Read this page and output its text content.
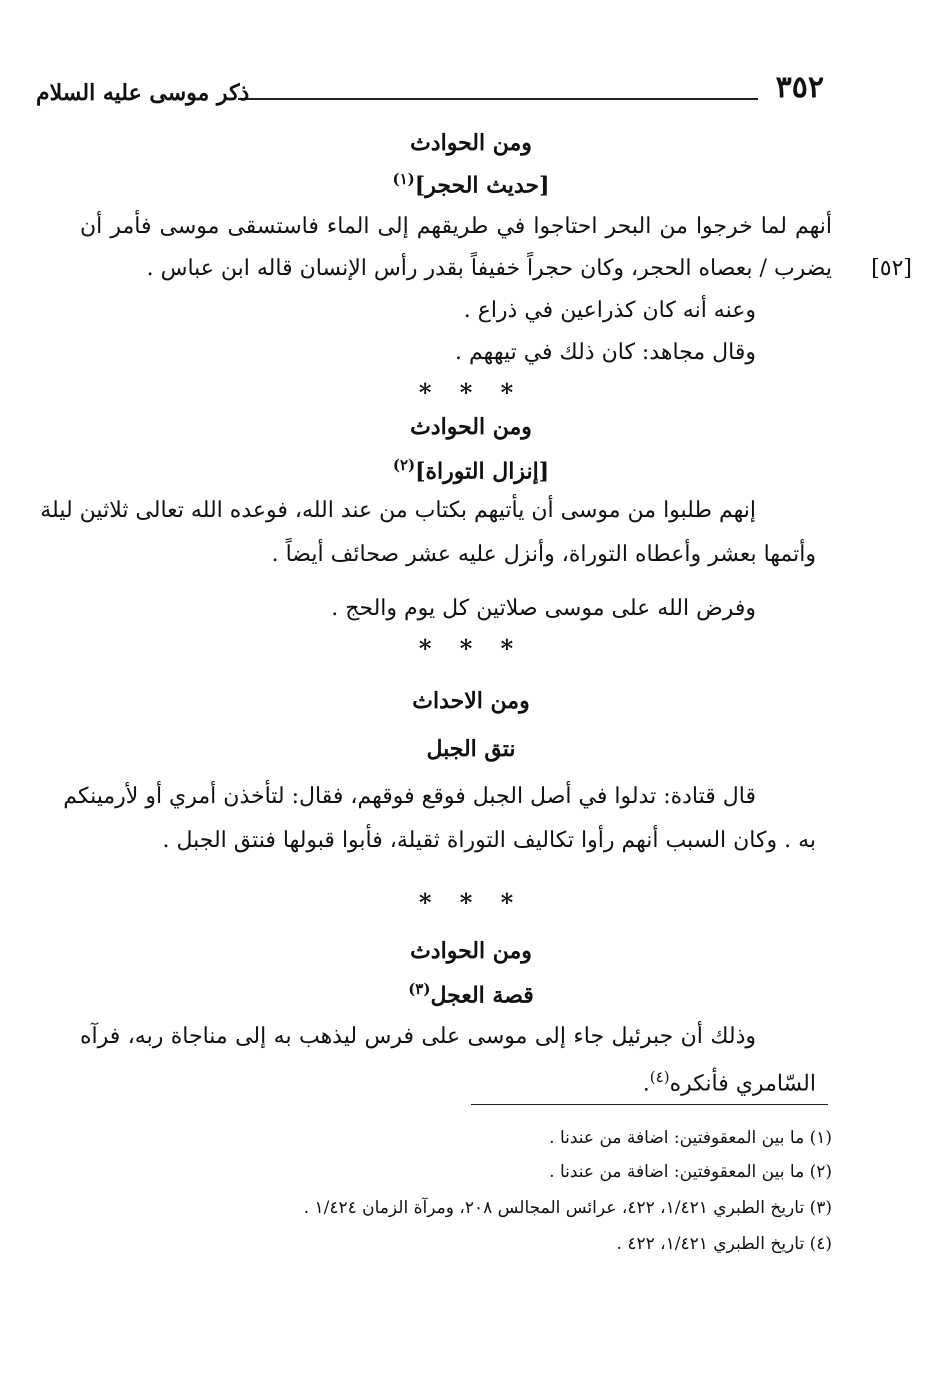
٣٥٢
ذكر موسى عليه السلام
ومن الحوادث
[حديث الحجر]$^{(١)}$
أنهم لما خرجوا من البحر احتاجوا في طريقهم إلى الماء فاستسقى موسى فأمر أن
[٥٢]
يضرب / بعصاه الحجر، وكان حجراً خفيفاً بقدر رأس الإنسان قاله ابن عباس .
وعنه أنه كان كذراعين في ذراع .
وقال مجاهد: كان ذلك في تيههم .
* * *
ومن الحوادث
[إنزال التوراة]$^{(٢)}$
إنهم طلبوا من موسى أن يأتيهم بكتاب من عند الله، فوعده الله تعالى ثلاثين ليلة
وأتمها بعشر وأعطاه التوراة، وأنزل عليه عشر صحائف أيضاً .
وفرض الله على موسى صلاتين كل يوم والحج .
* * *
ومن الاحداث
نتق الجبل
قال قتادة: تدلوا في أصل الجبل فوقع فوقهم، فقال: لتأخذن أمري أو لأرمينكم
به . وكان السبب أنهم رأوا تكاليف التوراة ثقيلة، فأبوا قبولها فنتق الجبل .
* * *
ومن الحوادث
قصة العجل$^{(٣)}$
وذلك أن جبرئيل جاء إلى موسى على فرس ليذهب به إلى مناجاة ربه، فرآه
السّامري فأنكره$^{(٤)}$.
(١) ما بين المعقوفتين: اضافة من عندنا .
(٢) ما بين المعقوفتين: اضافة من عندنا .
(٣) تاريخ الطبري ١/٤٢١، ٤٢٢، عرائس المجالس ٢٠٨، ومرآة الزمان ١/٤٢٤ .
(٤) تاريخ الطبري ١/٤٢١، ٤٢٢ .
